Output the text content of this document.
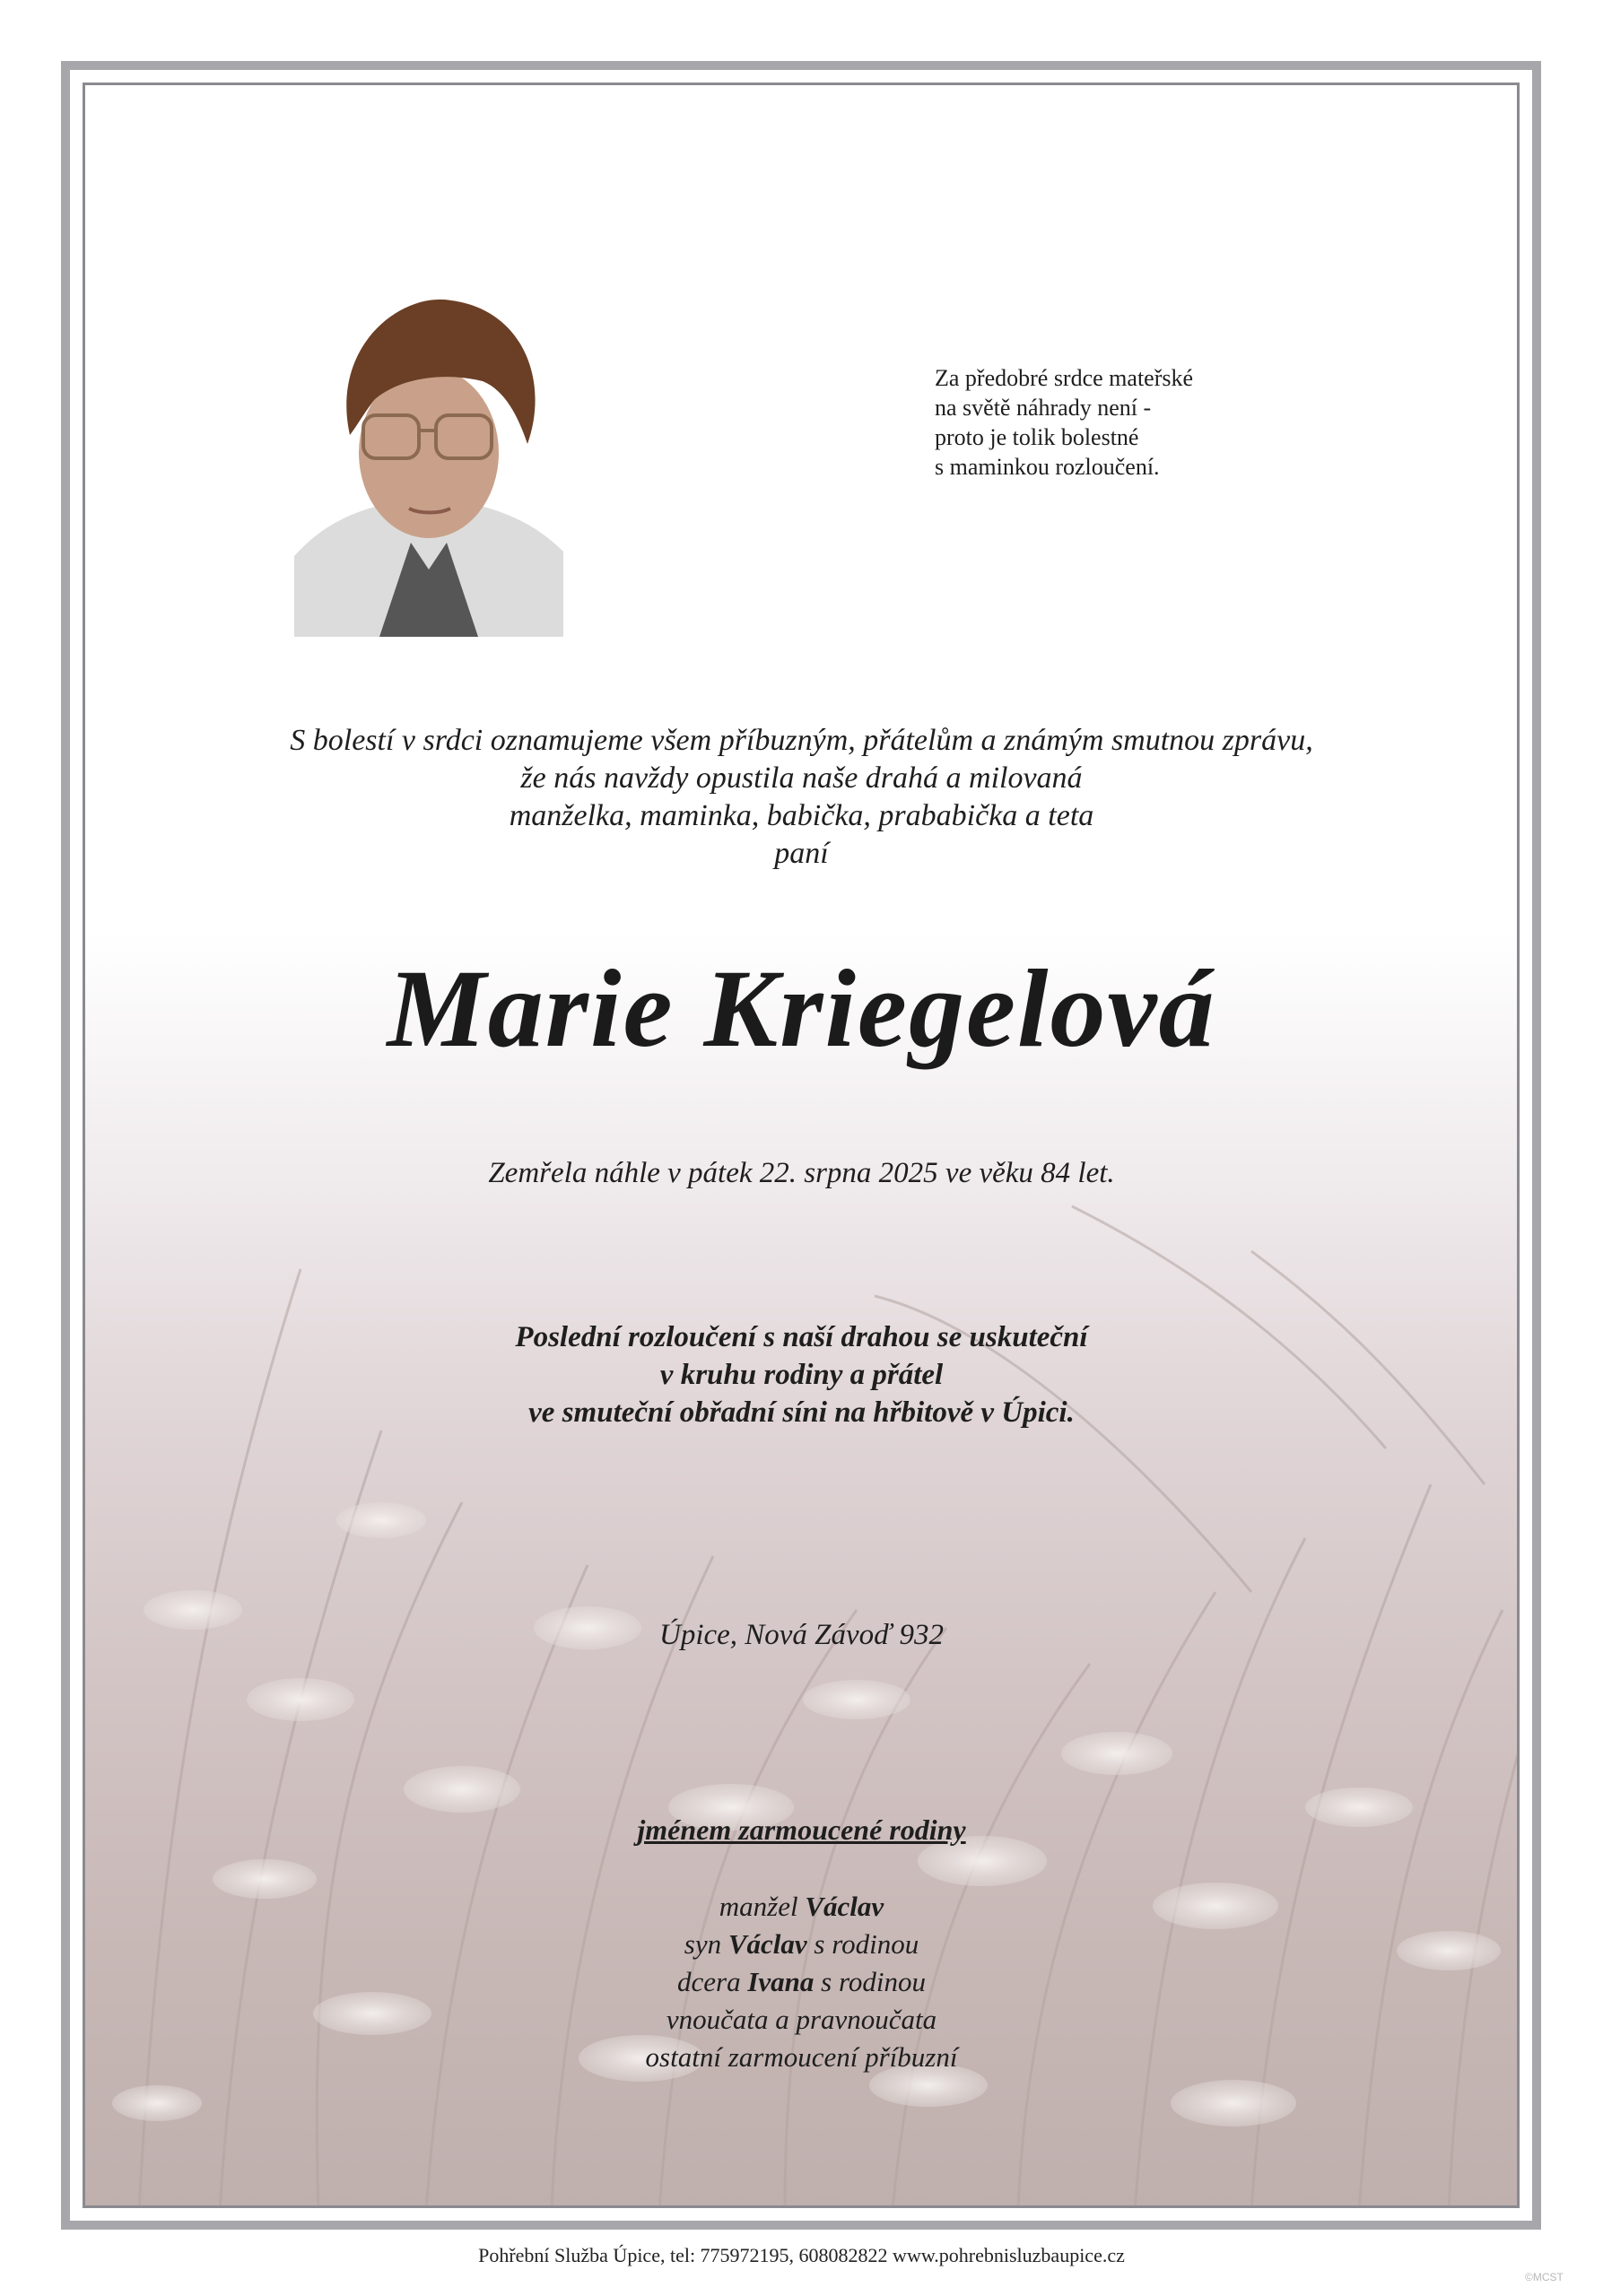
Za předobré srdce mateřské
na světě náhrady není -
proto je tolik bolestné
s maminkou rozloučení.
S bolestí v srdci oznamujeme všem příbuzným, přátelům a známým smutnou zprávu,
že nás navždy opustila naše drahá a milovaná
manželka, maminka, babička, prababička a teta
paní
Marie Kriegelová
Zemřela náhle v pátek 22. srpna 2025 ve věku 84 let.
Poslední rozloučení s naší drahou se uskuteční
v kruhu rodiny a přátel
ve smuteční obřadní síni na hřbitově v Úpici.
Úpice, Nová Závoď 932
jménem zarmoucené rodiny
manžel Václav
syn Václav s rodinou
dcera Ivana s rodinou
vnoučata a pravnoučata
ostatní zarmoucení příbuzní
Pohřební Služba Úpice, tel: 775972195, 608082822 www.pohrebnisluzbaupice.cz
©MCST
